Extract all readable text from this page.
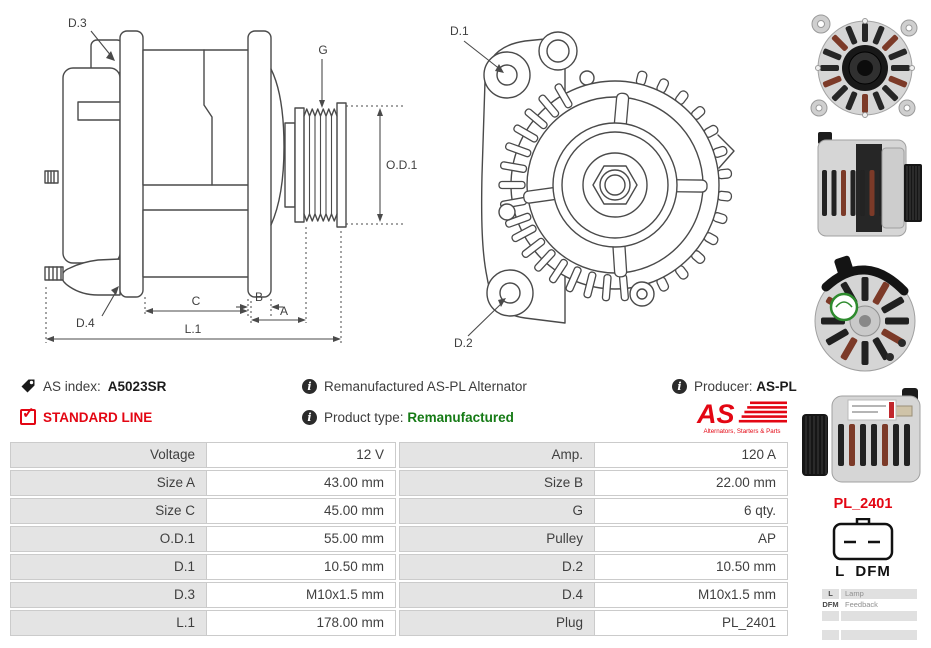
D.3
D.4
G
O.D.1
C	B
A
L.1
D.1
D.2
PL_2401
L  DFM
L	Lamp
DFM Feedback
AS index: A5023SR
✓ STANDARD LINE
i Remanufactured AS-PL Alternator
i Product type: Remanufactured
i Producer: AS-PL
AS
Alternators, Starters & Parts
Voltage	12 V	Amp.	120 A
Size A	43.00 mm	Size B	22.00 mm
Size C	45.00 mm	G	6 qty.
O.D.1	55.00 mm	Pulley	AP
D.1	10.50 mm	D.2	10.50 mm
D.3	M10x1.5 mm	D.4	M10x1.5 mm
L.1	178.00 mm	Plug	PL_2401
